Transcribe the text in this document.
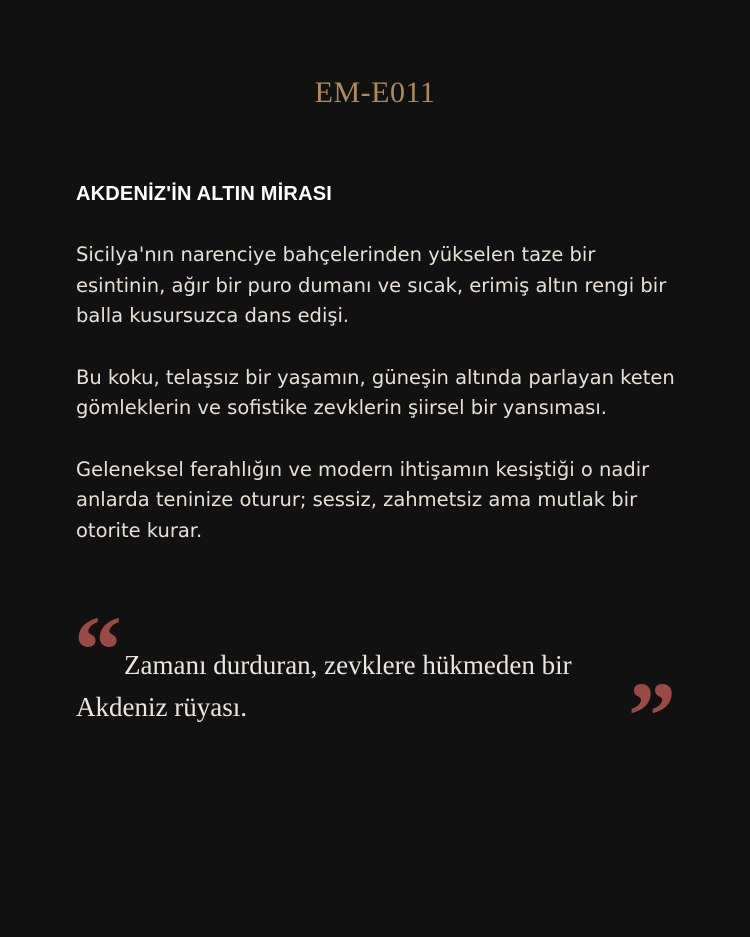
EM-E011
AKDENİZ'İN ALTIN MİRASI

Sicilya'nın narenciye bahçelerinden yükselen taze bir esintinin, ağır bir puro dumanı ve sıcak, erimiş altın rengi bir balla kusursuzca dans edişi.

Bu koku, telaşsız bir yaşamın, güneşin altında parlayan keten gömleklerin ve sofistike zevklerin şiirsel bir yansıması.

Geleneksel ferahlığın ve modern ihtişamın kesiştiği o nadir anlarda teninize oturur; sessiz, zahmetsiz ama mutlak bir otorite kurar.

“ Zamanı durduran, zevklere hükmeden bir Akdeniz rüyası.	”
